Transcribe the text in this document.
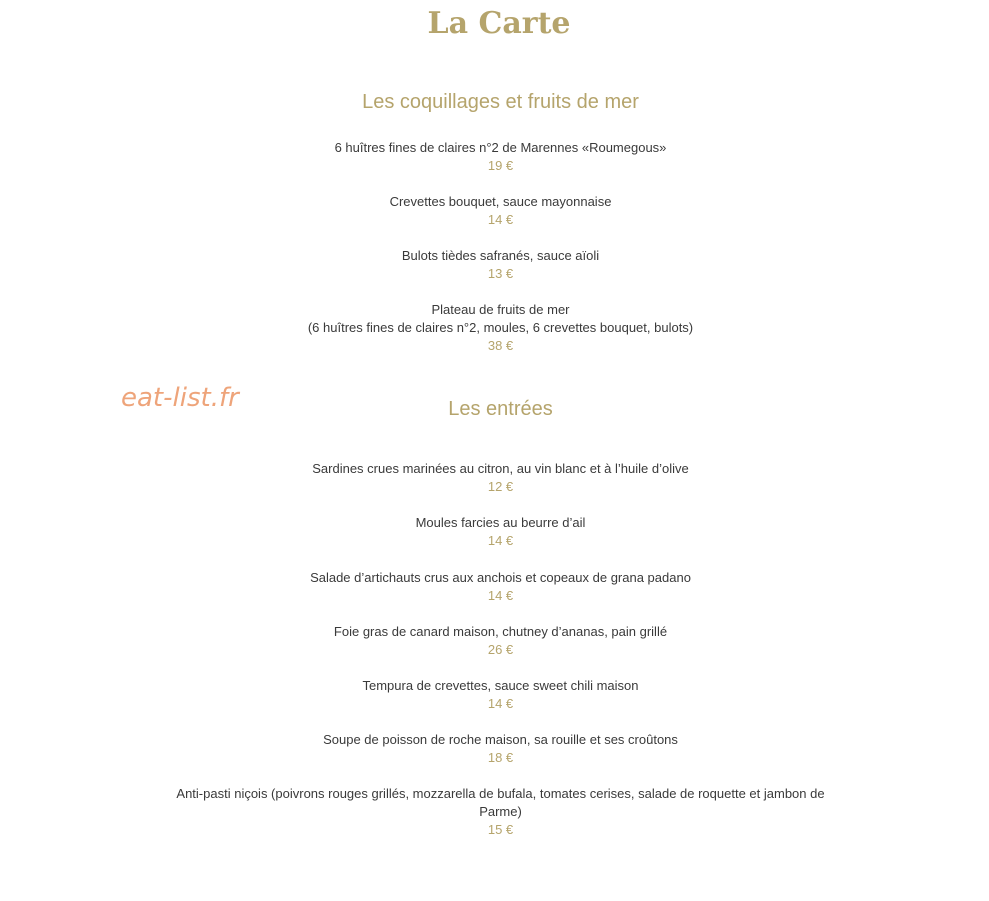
La Carte
Les coquillages et fruits de mer
6 huîtres fines de claires n°2 de Marennes «Roumegous»
19 €
Crevettes bouquet, sauce mayonnaise
14 €
Bulots tièdes safranés, sauce aïoli
13 €
Plateau de fruits de mer
(6 huîtres fines de claires n°2, moules, 6 crevettes bouquet, bulots)
38 €
eat-list.fr	Les entrées
Sardines crues marinées au citron, au vin blanc et à l’huile d’olive
12 €
Moules farcies au beurre d’ail
14 €
Salade d’artichauts crus aux anchois et copeaux de grana padano
14 €
Foie gras de canard maison, chutney d’ananas, pain grillé
26 €
Tempura de crevettes, sauce sweet chili maison
14 €
Soupe de poisson de roche maison, sa rouille et ses croûtons
18 €
Anti-pasti niçois (poivrons rouges grillés, mozzarella de bufala, tomates cerises, salade de roquette et jambon de
Parme)
15 €
